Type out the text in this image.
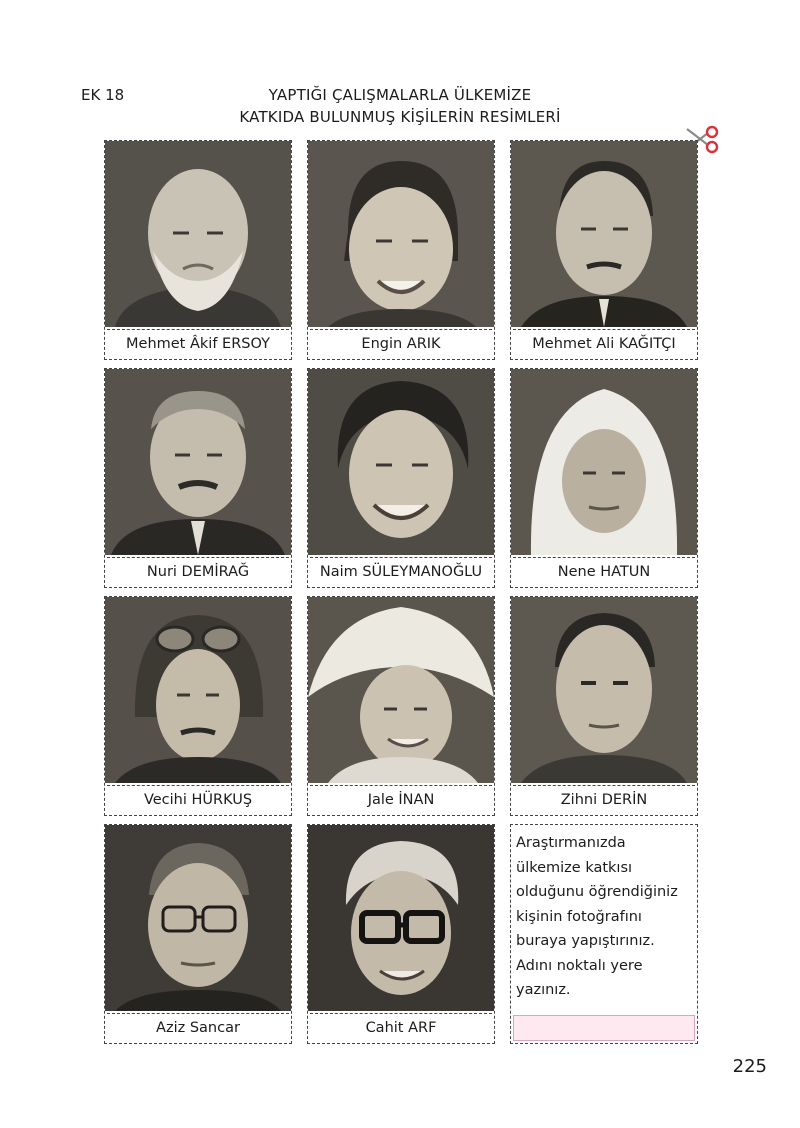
EK 18	YAPTIĞI ÇALIŞMALARLA ÜLKEMİZE
KATKIDA BULUNMUŞ KİŞİLERİN RESİMLERİ
Mehmet Âkif ERSOY	Engin ARIK	Mehmet Ali KAĞITÇI
Nuri DEMİRAĞ	Naim SÜLEYMANOĞLU	Nene HATUN
Vecihi HÜRKUŞ	Jale İNAN	Zihni DERİN
Aziz Sancar	Cahit ARF
Araştırmanızda
ülkemize katkısı
olduğunu öğrendiğiniz
kişinin fotoğrafını
buraya yapıştırınız.
Adını noktalı yere
yazınız.
225
